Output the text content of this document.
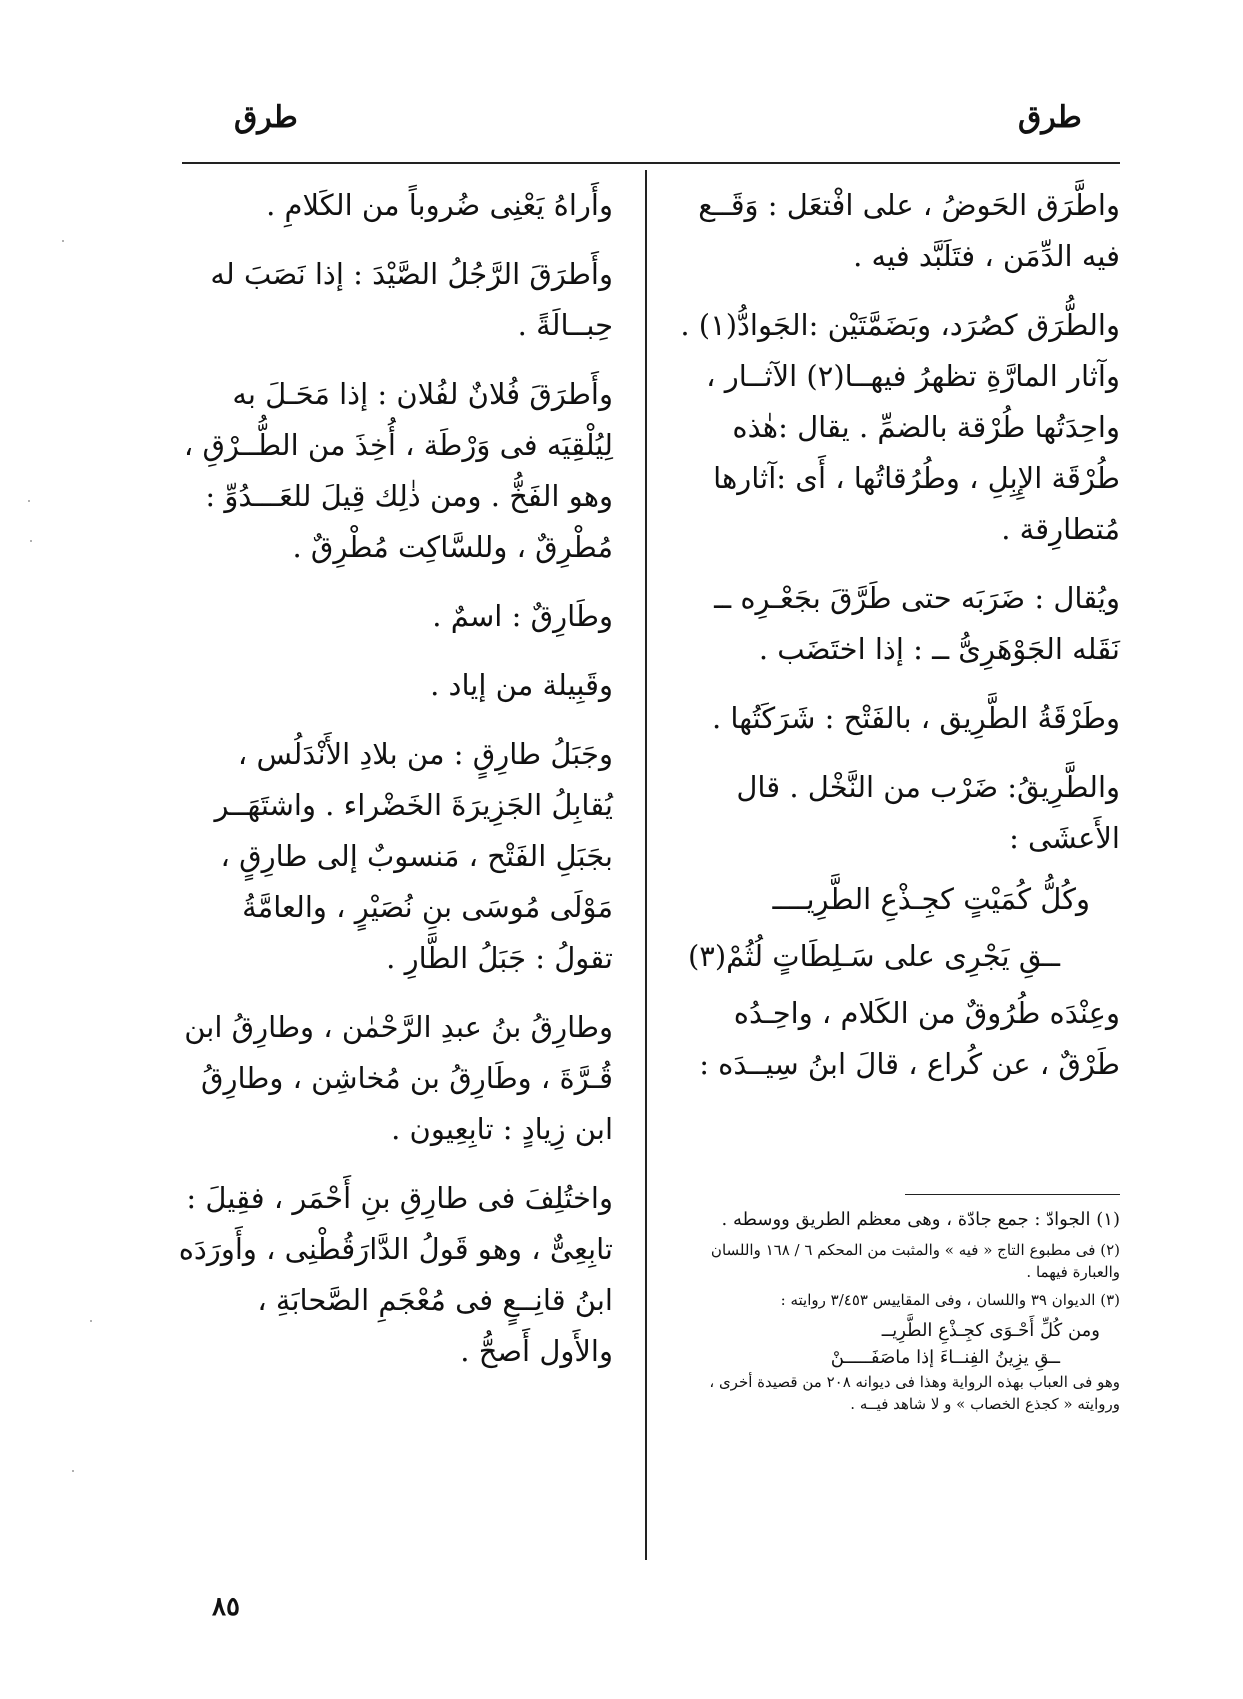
طرق	طرق

واطَّرَق الحَوضُ ، على افْتعَل : وَقَــع فيه الدِّمَن ، فتَلَبَّد فيه .

والطُّرَق كصُرَد، وبَضَمَّتَيْن :الجَوادُّ(١) . وآثار المارَّةِ تظهرُ فيهــا(٢) الآثــار ، واحِدَتُها طُرْقة بالضمِّ . يقال :هٰذه طُرْقَة الإِبِلِ ، وطُرُقاتُها ، أَى :آثارها مُتطارِقة .

ويُقال : ضَرَبَه حتى طَرَّقَ بجَعْـرِه ــ نَقَله الجَوْهَرِىُّ ــ : إذا اختَضَب .

وطَرْقَةُ الطَّرِيق ، بالفَتْح : شَرَكَتُها .

والطَّرِيقُ: ضَرْب من النَّخْل . قال الأَعشَى :

وكُلُّ كُمَيْتٍ كجِـذْعِ الطَّرِيــــ

ــقِ يَجْرِى على سَـلِطَاتٍ لُثُمْ(٣)

وعِنْدَه طُرُوقٌ من الكَلام ، واحِـدُه طَرْقٌ ، عن كُراع ، قالَ ابنُ سِيــدَه :

(١) الجوادّ : جمع جادّة ، وهى معظم الطريق ووسطه .

(٢) فى مطبوع التاج « فيه » والمثبت من المحكم ٦ / ١٦٨ واللسان والعبارة فيهما .

(٣) الديوان ٣٩ واللسان ، وفى المقاييس ٣/٤٥٣ روايته :

ومن كُلِّ أَحْـوَى كجِـذْعِ الطَّرِيــ

ــقِ يزِينُ الفِنــاءَ إذا ماصَفَـــــنْ

وهو فى العباب بهذه الرواية وهذا فى ديوانه ٢٠٨ من قصيدة أخرى ، وروايته « كجذع الخصاب » و لا شاهد فيــه .

وأَراهُ يَعْنِى ضُروباً من الكَلامِ .

وأَطرَقَ الرَّجُلُ الصَّيْدَ : إذا نَصَبَ له حِبــالَةً .

وأَطرَقَ فُلانٌ لفُلان : إذا مَحَـلَ به لِيُلْقِيَه فى وَرْطَة ، أُخِذَ من الطُّــرْقِ ، وهو الفَخُّ . ومن ذٰلِك قِيلَ للعَـــدُوِّ : مُطْرِقٌ ، وللسَّاكِت مُطْرِقٌ .

وطَارِقٌ : اسمٌ .

وقَبِيلة من إياد .

وجَبَلُ طارِقٍ : من بلادِ الأَنْدَلُس ، يُقابِلُ الجَزِيرَةَ الخَضْراء . واشتَهَــر بجَبَلِ الفَتْح ، مَنسوبٌ إلى طارِقٍ ، مَوْلَى مُوسَى بنِ نُصَيْرٍ ، والعامَّةُ تقولُ : جَبَلُ الطَّارِ .

وطارِقُ بنُ عبدِ الرَّحْمٰن ، وطارِقُ ابن قُـرَّةَ ، وطَارِقُ بن مُخاشِن ، وطارِقُ ابن زِيادٍ : تابِعِيون .

واختُلِفَ فى طارِقِ بنِ أَحْمَر ، فقِيلَ : تابِعِىٌّ ، وهو قَولُ الدَّارَقُطْنِى ، وأَورَدَه ابنُ قانِــعٍ فى مُعْجَمِ الصَّحابَةِ ، والأَول أَصحُّ .

٨٥
